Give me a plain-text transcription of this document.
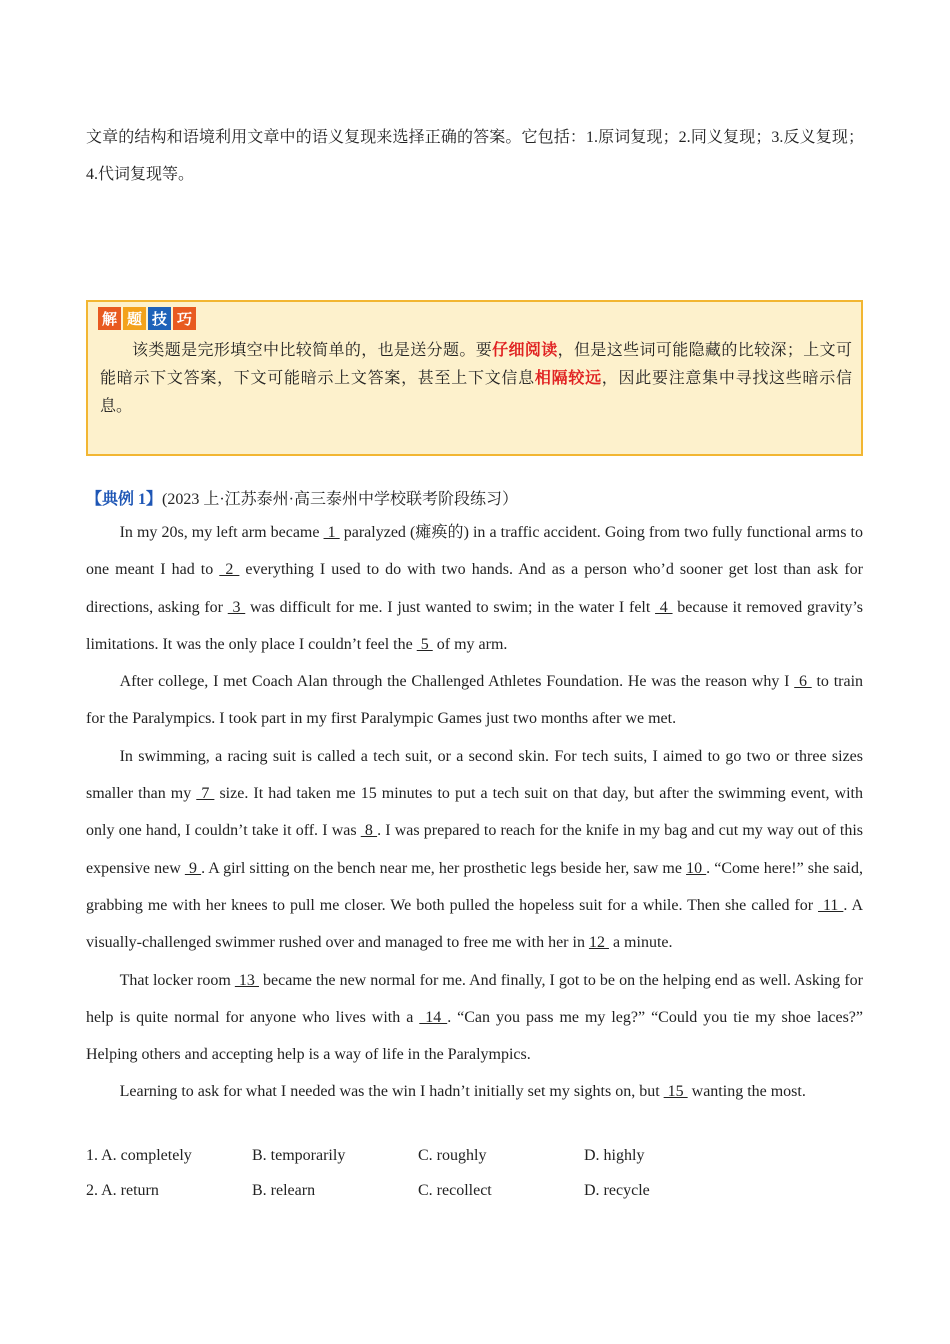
文章的结构和语境利用文章中的语义复现来选择正确的答案。它包括：1.原词复现；2.同义复现；3.反义复现；4.代词复现等。

解 题 技 巧

该类题是完形填空中比较简单的，也是送分题。要仔细阅读，但是这些词可能隐藏的比较深；上文可能暗示下文答案，下文可能暗示上文答案，甚至上下文信息相隔较远，因此要注意集中寻找这些暗示信息。

【典例 1】(2023 上·江苏泰州·高三泰州中学校联考阶段练习）

In my 20s, my left arm became  1  paralyzed (瘫痪的) in a traffic accident. Going from two fully functional arms to one meant I had to  2  everything I used to do with two hands. And as a person who’d sooner get lost than ask for directions, asking for  3  was difficult for me. I just wanted to swim; in the water I felt  4  because it removed gravity’s limitations. It was the only place I couldn’t feel the  5  of my arm.

After college, I met Coach Alan through the Challenged Athletes Foundation. He was the reason why I  6  to train for the Paralympics. I took part in my first Paralympic Games just two months after we met.

In swimming, a racing suit is called a tech suit, or a second skin. For tech suits, I aimed to go two or three sizes smaller than my  7  size. It had taken me 15 minutes to put a tech suit on that day, but after the swimming event, with only one hand, I couldn’t take it off. I was  8 . I was prepared to reach for the knife in my bag and cut my way out of this expensive new  9 . A girl sitting on the bench near me, her prosthetic legs beside her, saw me 10 . “Come here!” she said, grabbing me with her knees to pull me closer. We both pulled the hopeless suit for a while. Then she called for  11 . A visually-challenged swimmer rushed over and managed to free me with her in 12  a minute.

That locker room  13  became the new normal for me. And finally, I got to be on the helping end as well. Asking for help is quite normal for anyone who lives with a  14 . “Can you pass me my leg?” “Could you tie my shoe laces?” Helping others and accepting help is a way of life in the Paralympics.

Learning to ask for what I needed was the win I hadn’t initially set my sights on, but  15  wanting the most.

1. A. completely	B. temporarily	C. roughly	D. highly
2. A. return	B. relearn	C. recollect	D. recycle
